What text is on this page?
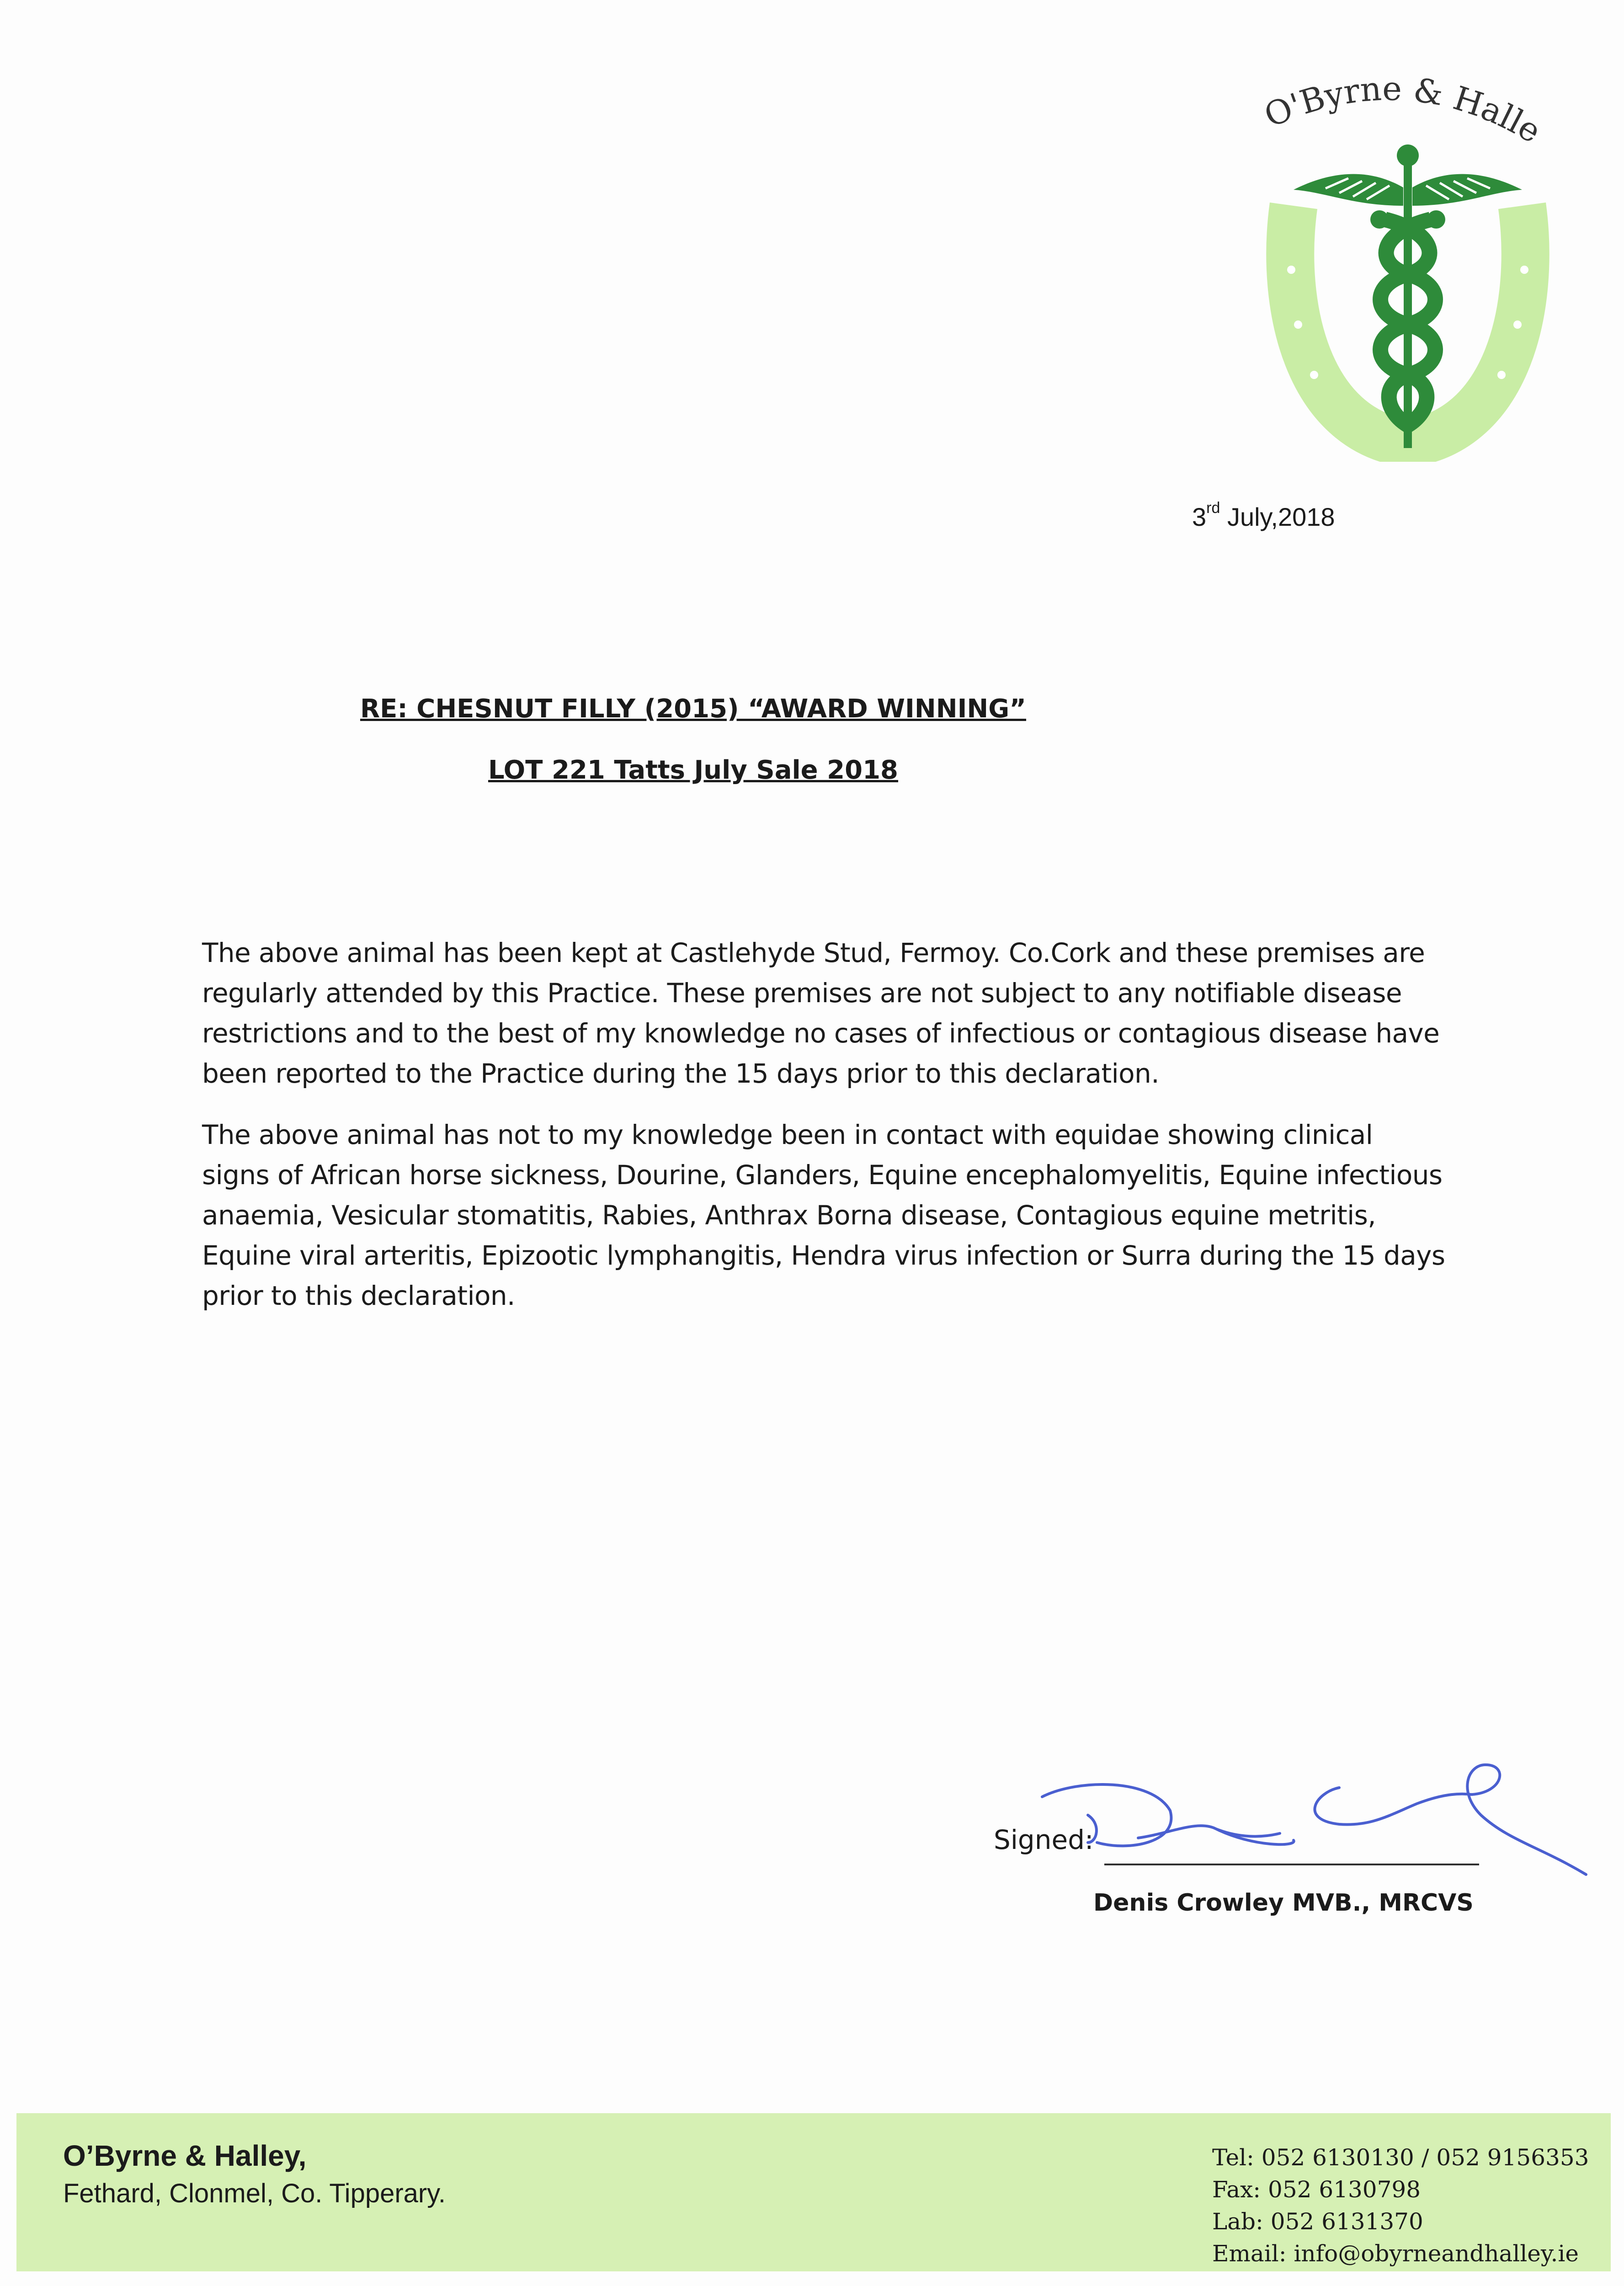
O'Byrne & Halle
3rd July,2018
RE: CHESNUT FILLY (2015) “AWARD WINNING”
LOT 221 Tatts July Sale 2018
The above animal has been kept at Castlehyde Stud, Fermoy. Co.Cork and these premises are regularly attended by this Practice. These premises are not subject to any notifiable disease restrictions and to the best of my knowledge no cases of infectious or contagious disease have been reported to the Practice during the 15 days prior to this declaration.
The above animal has not to my knowledge been in contact with equidae showing clinical signs of African horse sickness, Dourine, Glanders, Equine encephalomyelitis, Equine infectious anaemia, Vesicular stomatitis, Rabies, Anthrax Borna disease, Contagious equine metritis, Equine viral arteritis, Epizootic lymphangitis, Hendra virus infection or Surra during the 15 days prior to this declaration.
Signed:
Denis Crowley MVB., MRCVS
O’Byrne & Halley,
Fethard, Clonmel, Co. Tipperary.
Tel: 052 6130130 / 052 9156353
Fax: 052 6130798
Lab: 052 6131370
Email: info@obyrneandhalley.ie
